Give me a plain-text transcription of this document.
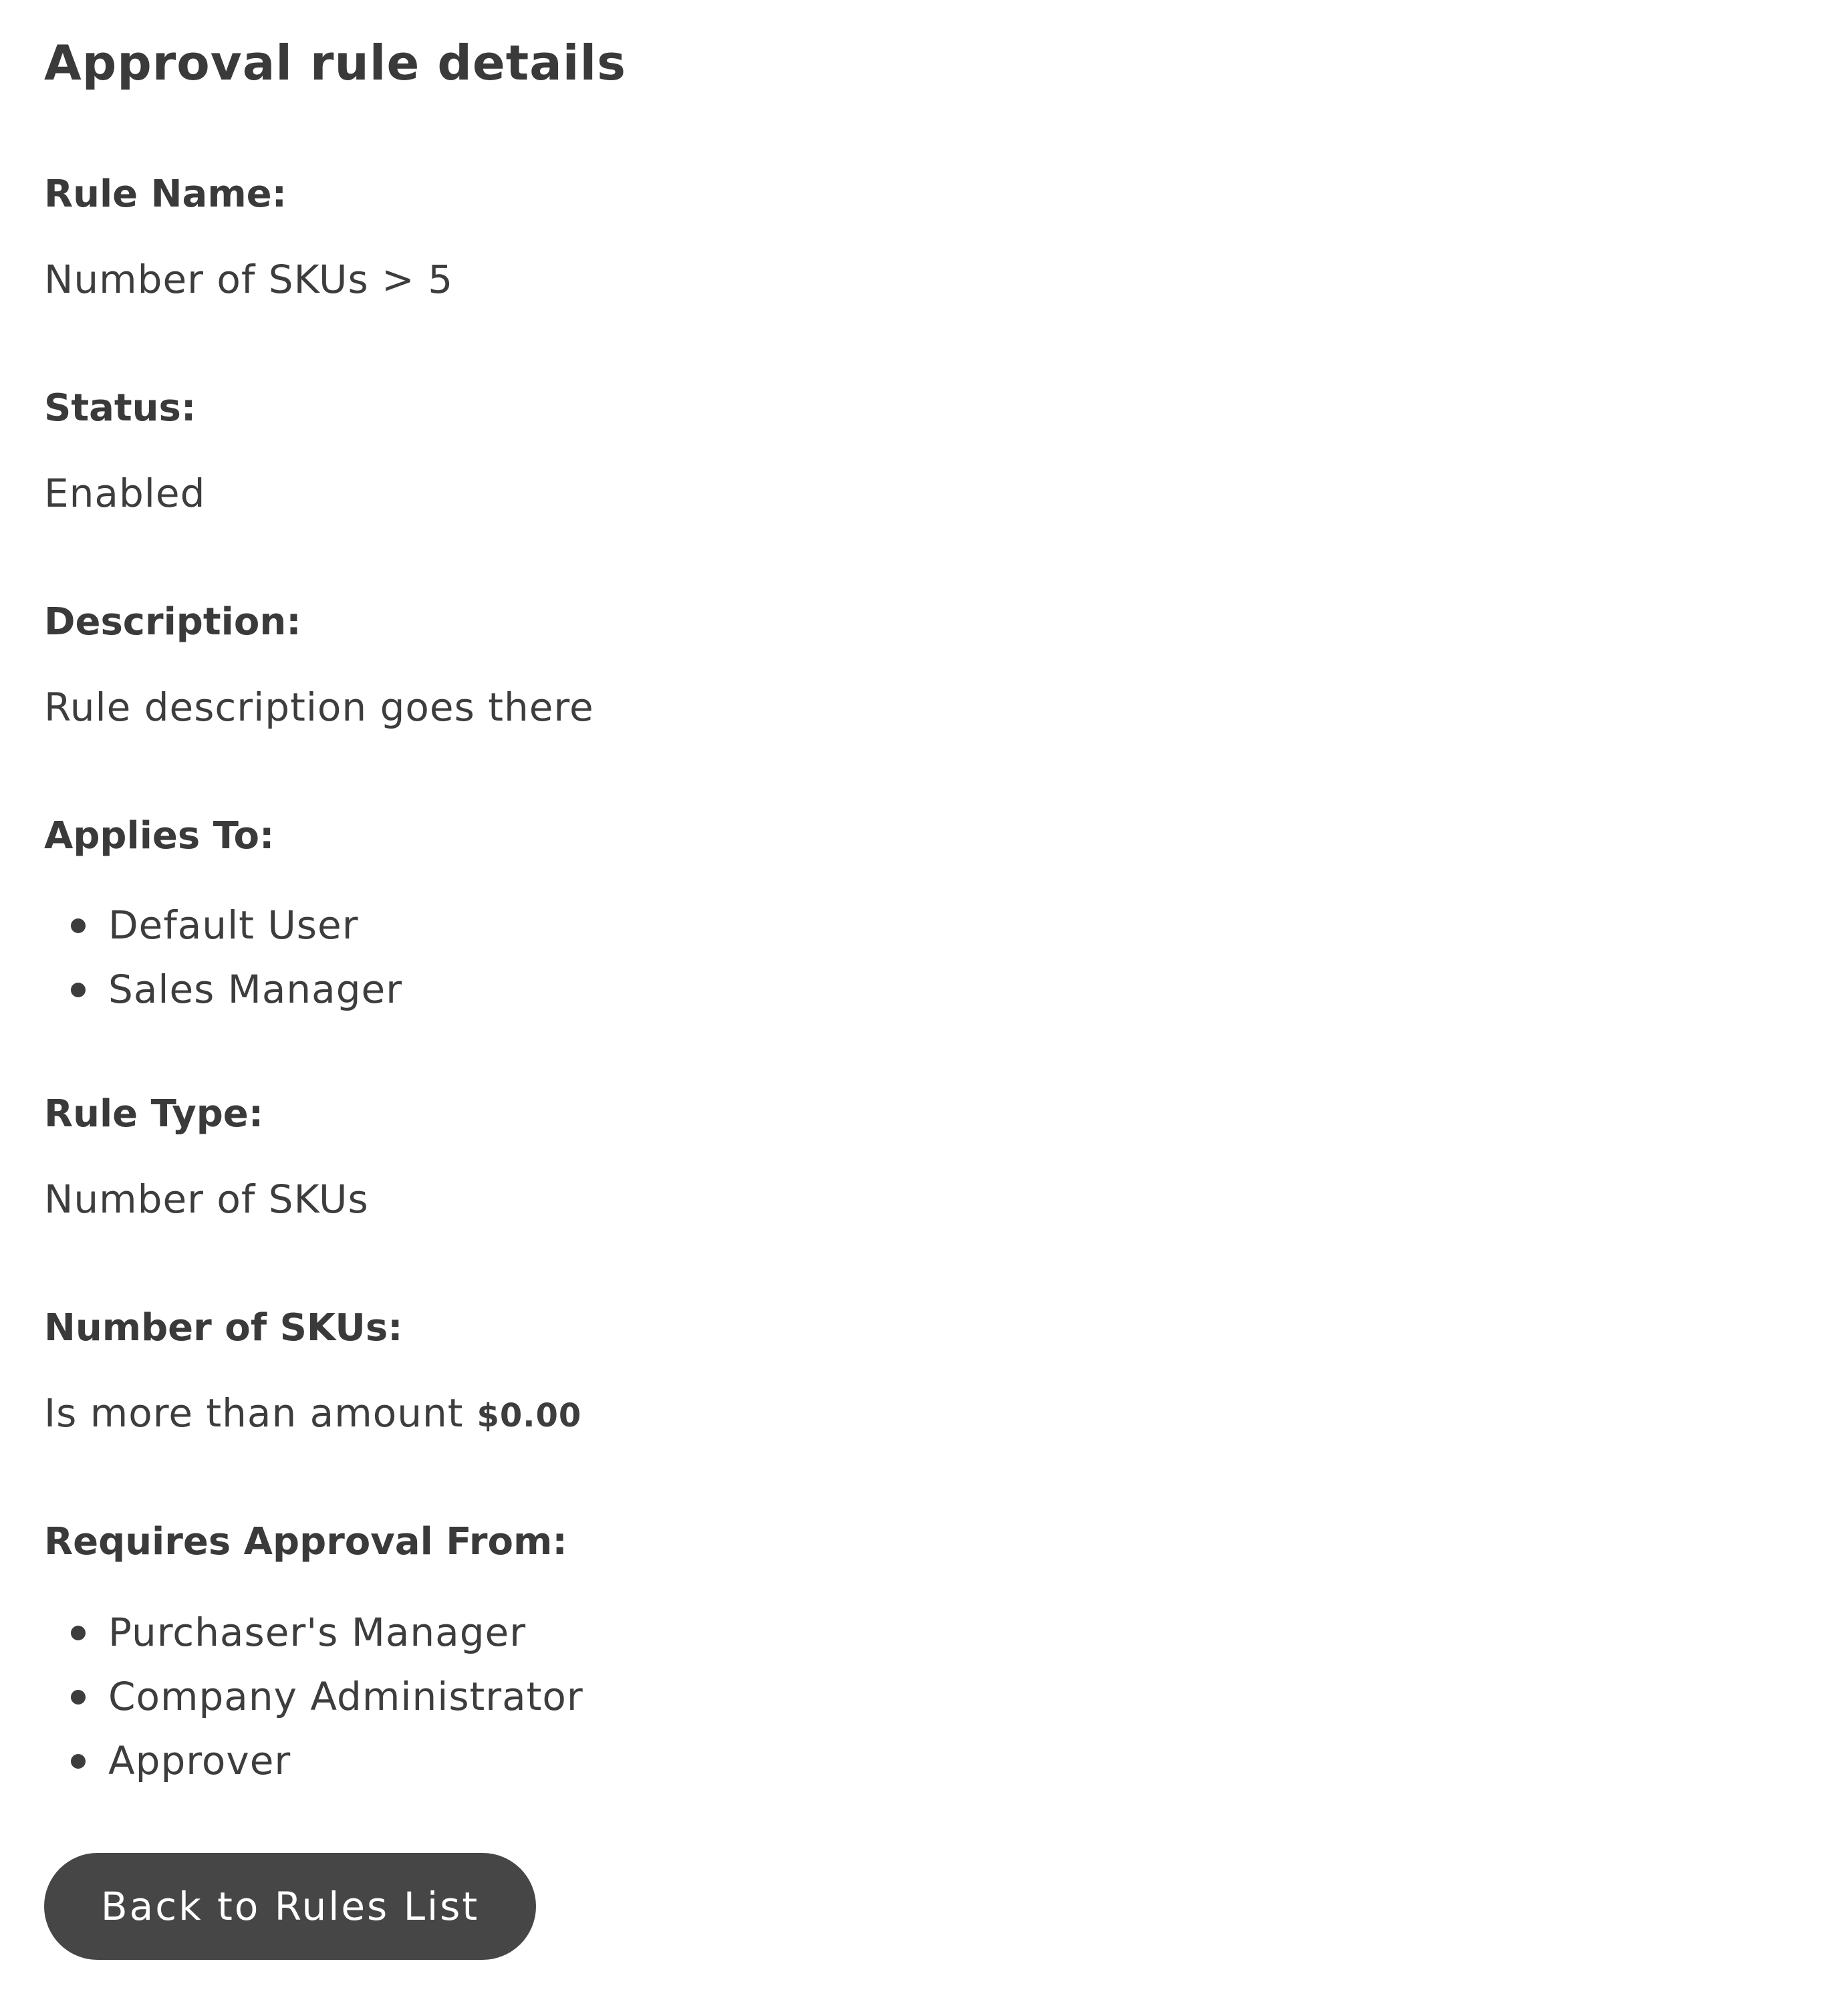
Approval rule details

Rule Name:

Number of SKUs > 5

Status:

Enabled

Description:

Rule description goes there

Applies To:

Default User
Sales Manager

Rule Type:

Number of SKUs

Number of SKUs:

Is more than amount $0.00

Requires Approval From:

Purchaser's Manager
Company Administrator
Approver
Back to Rules List
